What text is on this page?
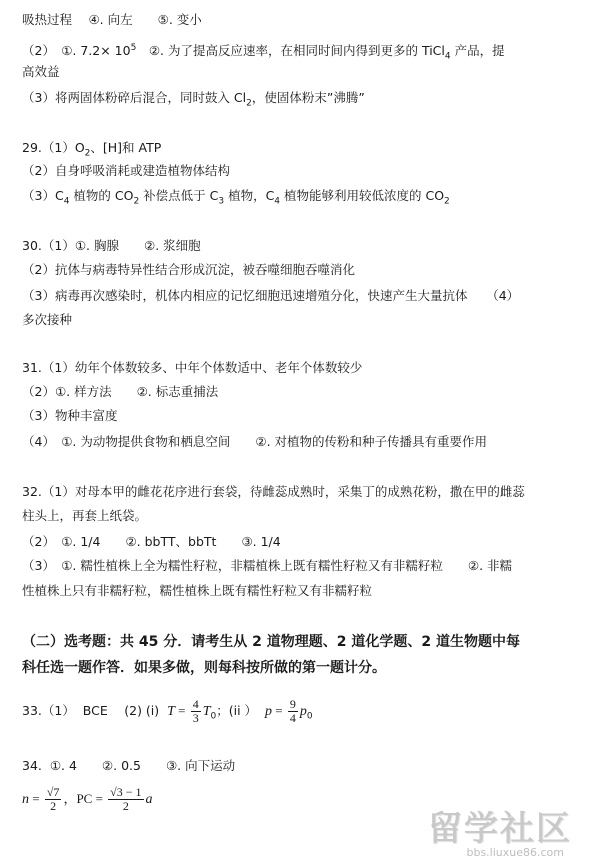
吸热过程　 ④. 向左　　⑤. 变小
（2）　①. $7.2\times 10^5$　②. 为了提高反应速率，在相同时间内得到更多的 TiCl$_4$ 产品，提
高效益
（3）将两固体粉碎后混合，同时鼓入 $Cl_2$，使固体粉末”沸腾”
$29.(1)O_2$、[H]和 ATP
（2）自身呼吸消耗或建造植物体结构
$(3)C_4$ 植物的 $CO_2$ 补偿点低于 $C_3$ 植物，$C_4$ 植物能够利用较低浓度的 $CO_2$
30.（1）①. 胸腺　　②. 浆细胞
（2）抗体与病毒特异性结合形成沉淀，被吞噬细胞吞噬消化
（3）病毒再次感染时，机体内相应的记忆细胞迅速增殖分化，快速产生大量抗体　　（4）
多次接种
31.（1）幼年个体数较多、中年个体数适中、老年个体数较少
（2）①. 样方法　　②. 标志重捕法
（3）物种丰富度
（4）　①. 为动物提供食物和栖息空间　　②. 对植物的传粉和种子传播具有重要作用
32.（1）对母本甲的雌花花序进行套袋，待雌蕊成熟时，采集丁的成熟花粉，撒在甲的雌蕊
柱头上，再套上纸袋。
（2）　①. 1/4　　②. bbTT、bbTt　　③. 1/4
（3）　①. 糯性植株上全为糯性籽粒，非糯植株上既有糯性籽粒又有非糯籽粒　　②. 非糯
性植株上只有非糯籽粒，糯性植株上既有糯性籽粒又有非糯籽粒
（二）选考题：共 45 分．请考生从 2 道物理题、2 道化学题、2 道生物题中每
科任选一题作答．如果多做，则每科按所做的第一题计分。
33.（1）  BCE　 (2) (i)  $T = \frac{4}{3} T_0$；(ii ）  $p = \frac{9}{4} p_0$
34.  ①. 4　　②. 0.5　　③. 向下运动
$n = \frac{√7}{2}$ ，PC = $\frac{√3 - 1}{2}$ a
留学社区
bbs.liuxue86.com
